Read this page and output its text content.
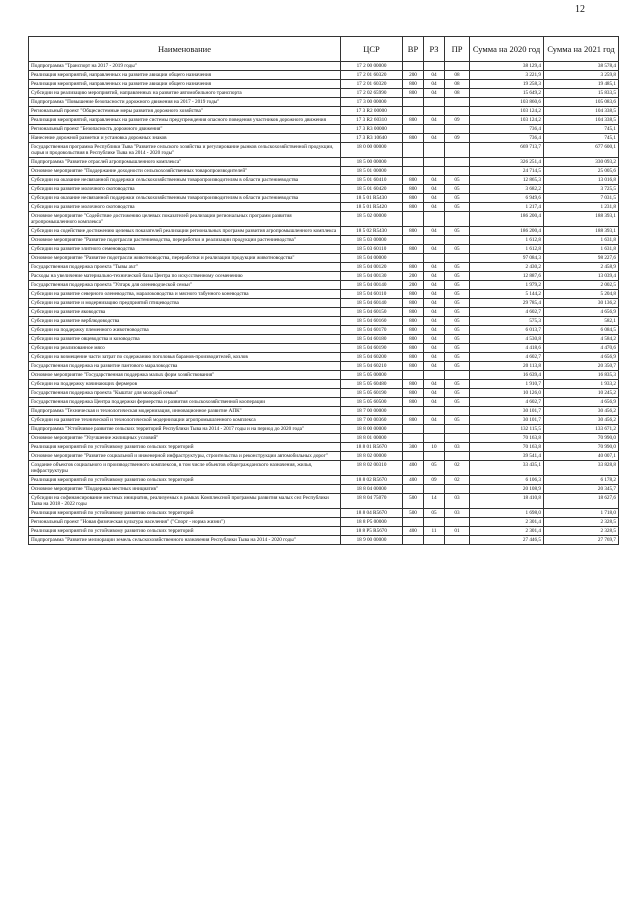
12
Наименование	ЦСР	ВР	РЗ	ПР	Сумма на 2020 год	Сумма на 2021 год
Подпрограмма "Транспорт на 2017 - 2019 годы"	17 2 00 00000				38 129,4	38 578,4
Реализация мероприятий, направленных на развитие авиации общего назначения	17 2 01 60320	200	04	08	3 221,9	3 259,8
Реализация мероприятий, направленных на развитие авиации общего назначения	17 2 01 60320	800	04	08	19 258,3	19 485,1
Субсидии на реализацию мероприятий, направленных на развитие автомобильного транспорта	17 2 02 65990	800	04	08	15 649,2	15 833,5
Подпрограмма "Повышение безопасности дорожного движения на 2017 - 2019 годы"	17 3 00 00000				103 860,6	105 083,6
Региональный проект "Общесистемные меры развития дорожного хозяйства"	17 3 R2 00000				103 124,2	104 338,5
Реализация мероприятий, направленных на развитие системы предупреждения опасного поведения участников дорожного движения	17 3 R2 60310	800	04	09	103 124,2	104 338,5
Региональный проект "Безопасность дорожного движения"	17 3 R3 00000				736,4	745,1
Нанесение дорожной разметки и установка дорожных знаков	17 3 R3 10640	800	04	09	736,4	745,1
Государственная программа Республики Тыва "Развитие сельского хозяйства и регулирование рынков сельскохозяйственной продукции, сырья и продовольствия в Республике Тыва на 2014 - 2020 годы"	18 0 00 00000				669 713,7	677 600,1
Подпрограмма "Развитие отраслей агропромышленного комплекса"	18 5 00 00000				326 251,4	330 093,2
Основное мероприятие "Поддержание доходности сельскохозяйственных товаропроизводителей"	18 5 01 00000				24 714,5	25 005,6
Субсидии на оказание несвязанной поддержки сельскохозяйственным товаропроизводителям в области растениеводства	18 5 01 60410	800	04	05	12 865,3	13 016,8
Субсидии на развитие молочного скотоводства	18 5 01 60420	800	04	05	3 682,2	3 725,5
Субсидии на оказание несвязанной поддержки сельскохозяйственным товаропроизводителям в области растениеводства	18 5 01 R5430	800	04	05	6 949,6	7 031,5
Субсидии на развитие молочного скотоводства	18 5 01 R5420	800	04	05	1 217,4	1 231,8
Основное мероприятие "Содействие достижению целевых показателей реализации региональных программ развития агропромышленного комплекса"	18 5 02 00000				186 200,4	188 393,1
Субсидии на содействие достижению целевых показателей реализации региональных программ развития агропромышленного комплекса	18 5 02 R5430	800	04	05	186 200,4	188 393,1
Основное мероприятие "Развитие подотрасли растениеводства, переработки и реализации продукции растениеводства"	18 5 03 00000				1 612,8	1 631,8
Субсидии на развитие элитного семеноводства	18 5 03 60110	800	04	05	1 612,8	1 631,8
Основное мероприятие "Развитие подотрасли животноводства, переработки и реализации продукции животноводства"	18 5 04 00000				97 084,3	98 227,6
Государственная поддержка проекта "Тывы аът"	18 5 04 00120	800	04	05	2 430,2	2 458,9
Расходы на увеличение материально-технической базы Центра по искусственному осеменению	18 5 04 00130	200	04	05	12 887,6	13 039,4
Государственная поддержка проекта "Улгарк для оленеводческой семьи"	18 5 04 00140	200	04	05	1 979,2	2 002,5
Субсидии на развитие северного оленеводства, маралоководства и мясного табунного коневодства	18 5 04 60110	800	04	05	5 144,2	5 204,8
Субсидии на развитие и модернизацию предприятий птицеводства	18 5 04 60140	800	04	05	29 785,4	30 136,2
Субсидии на развитие яководства	18 5 04 60150	800	04	05	4 602,7	4 656,9
Субсидии на развитие верблюдоводства	18 5 04 60160	800	04	05	575,3	582,1
Субсидии на поддержку племенного животноводства	18 5 04 60170	800	04	05	6 013,7	6 084,5
Субсидии на развитие овцеводства и козоводства	18 5 04 60180	800	04	05	4 530,8	4 584,2
Субсидии на реализованное мясо	18 5 04 60190	800	04	05	4 418,6	4 470,6
Субсидии на возмещение части затрат по содержанию поголовья баранов-производителей, козлов	18 5 04 60200	800	04	05	4 602,7	4 656,9
Государственная поддержка на развитие пантового мараловодства	18 5 04 60210	800	04	05	20 113,8	20 350,7
Основное мероприятие "Государственная поддержка малых форм хозяйствования"	18 5 05 00000				16 639,4	16 835,3
Субсидии на поддержку начинающих фермеров	18 5 05 60480	800	04	05	1 910,7	1 933,2
Государственная поддержка проекта "Кыштаг для молодой семьи"	18 5 05 60190	800	04	05	10 126,0	10 245,2
Государственная поддержка Центра поддержки фермерства и развития сельскохозяйственной кооперации	18 5 05 60500	800	04	05	4 602,7	4 656,9
Подпрограмма "Техническая и технологическая модернизация, инновационное развитие АПК"	18 7 00 00000				30 101,7	30 456,2
Субсидии на развитие технической и технологической модернизации агропромышленного комплекса	18 7 00 00360	800	04	05	30 101,7	30 456,2
Подпрограмма "Устойчивое развитие сельских территорий Республики Тыва на 2014 - 2017 годы и на период до 2020 года"	18 8 00 00000				132 115,5	133 671,2
Основное мероприятие "Улучшение жилищных условий"	18 8 01 00000				70 163,8	70 990,0
Реализация мероприятий по устойчивому развитию сельских территорий	18 8 01 R5670	300	10	03	70 163,8	70 990,0
Основное мероприятие "Развитие социальной и инженерной инфраструктуры, строительства и реконструкции автомобильных дорог"	18 8 02 00000				39 541,4	40 007,1
Создание объектов социального и производственного комплексов, в том числе объектов общегражданского назначения, жилья, инфраструктуры	18 8 02 00310	400	05	02	33 435,1	33 828,8
Реализация мероприятий по устойчивому развитию сельских территорий	18 8 02 R5670	400	09	02	6 106,3	6 178,2
Основное мероприятие "Поддержка местных инициатив"	18 8 04 00000				20 108,9	20 345,7
Субсидии на софинансирование местных инициатив, реализуемых в рамках Комплексной программы развития малых сел Республики Тыва на 2018 - 2022 годы	18 8 04 75070	500	14	03	18 410,8	18 627,6
Реализация мероприятий по устойчивому развитию сельских территорий	18 8 04 R5670	500	05	03	1 698,0	1 718,0
Региональный проект "Новая физическая культура населения" ("Спорт - норма жизни")	18 8 P5 00000				2 301,4	2 328,5
Реализация мероприятий по устойчивому развитию сельских территорий	18 8 P5 R5670	400	11	01	2 301,4	2 328,5
Подпрограмма "Развитие мелиорации земель сельскохозяйственного назначения Республики Тыва на 2014 - 2020 годы"	18 9 00 00000				27 446,5	27 769,7
